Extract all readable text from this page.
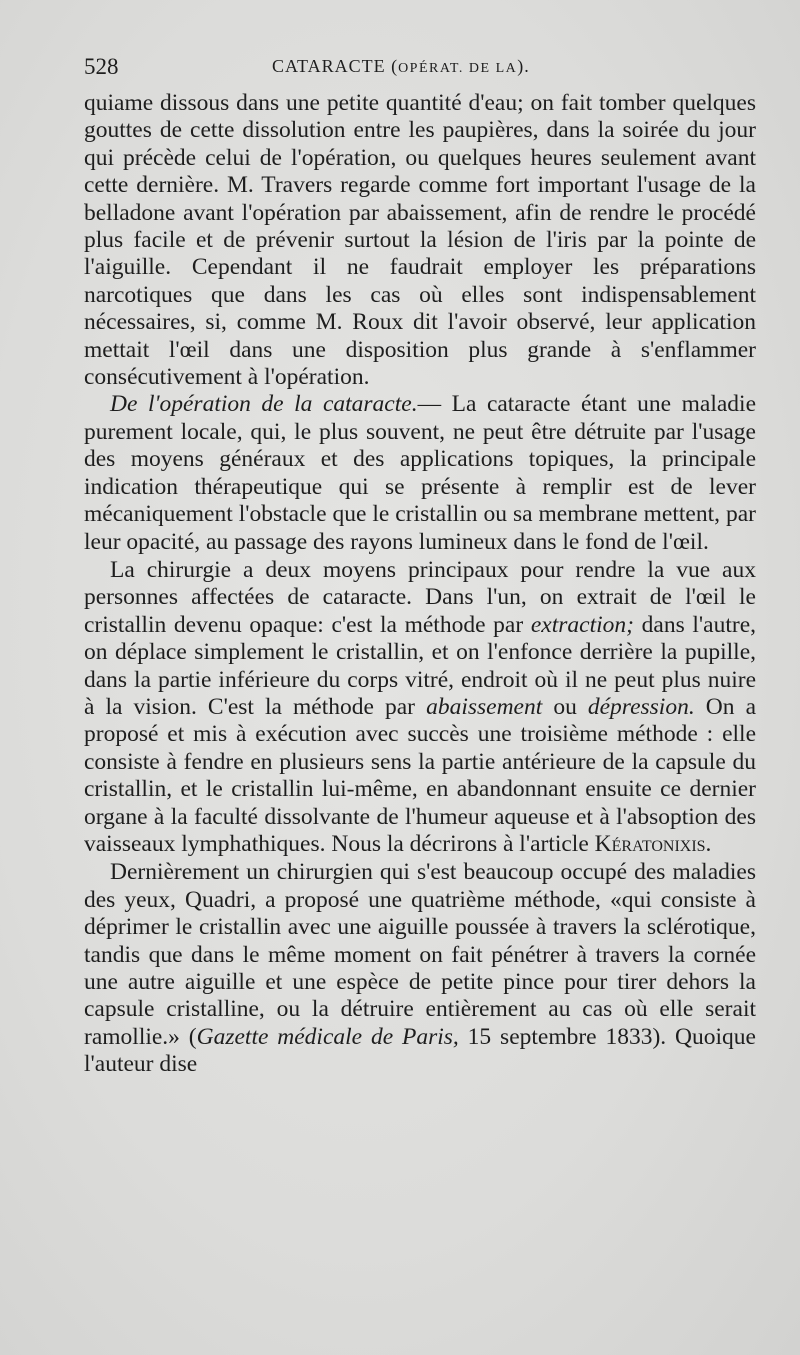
528	CATARACTE (OPÉRAT. DE LA).

quiame dissous dans une petite quantité d'eau; on fait tomber quelques gouttes de cette dissolution entre les paupières, dans la soirée du jour qui précède celui de l'opération, ou quelques heures seulement avant cette dernière. M. Travers regarde comme fort important l'usage de la belladone avant l'opération par abaissement, afin de rendre le procédé plus facile et de prévenir surtout la lésion de l'iris par la pointe de l'aiguille. Cependant il ne faudrait employer les préparations narcotiques que dans les cas où elles sont indispensablement nécessaires, si, comme M. Roux dit l'avoir observé, leur application mettait l'œil dans une disposition plus grande à s'enflammer consécutivement à l'opération.

De l'opération de la cataracte.— La cataracte étant une maladie purement locale, qui, le plus souvent, ne peut être détruite par l'usage des moyens généraux et des applications topiques, la principale indication thérapeutique qui se présente à remplir est de lever mécaniquement l'obstacle que le cristallin ou sa membrane mettent, par leur opacité, au passage des rayons lumineux dans le fond de l'œil.

La chirurgie a deux moyens principaux pour rendre la vue aux personnes affectées de cataracte. Dans l'un, on extrait de l'œil le cristallin devenu opaque: c'est la méthode par extraction; dans l'autre, on déplace simplement le cristallin, et on l'enfonce derrière la pupille, dans la partie inférieure du corps vitré, endroit où il ne peut plus nuire à la vision. C'est la méthode par abaissement ou dépression. On a proposé et mis à exécution avec succès une troisième méthode : elle consiste à fendre en plusieurs sens la partie antérieure de la capsule du cristallin, et le cristallin lui-même, en abandonnant ensuite ce dernier organe à la faculté dissolvante de l'humeur aqueuse et à l'absoption des vaisseaux lymphathiques. Nous la décrirons à l'article Kératonixis.

Dernièrement un chirurgien qui s'est beaucoup occupé des maladies des yeux, Quadri, a proposé une quatrième méthode, «qui consiste à déprimer le cristallin avec une aiguille poussée à travers la sclérotique, tandis que dans le même moment on fait pénétrer à travers la cornée une autre aiguille et une espèce de petite pince pour tirer dehors la capsule cristalline, ou la détruire entièrement au cas où elle serait ramollie.» (Gazette médicale de Paris, 15 septembre 1833). Quoique l'auteur dise
